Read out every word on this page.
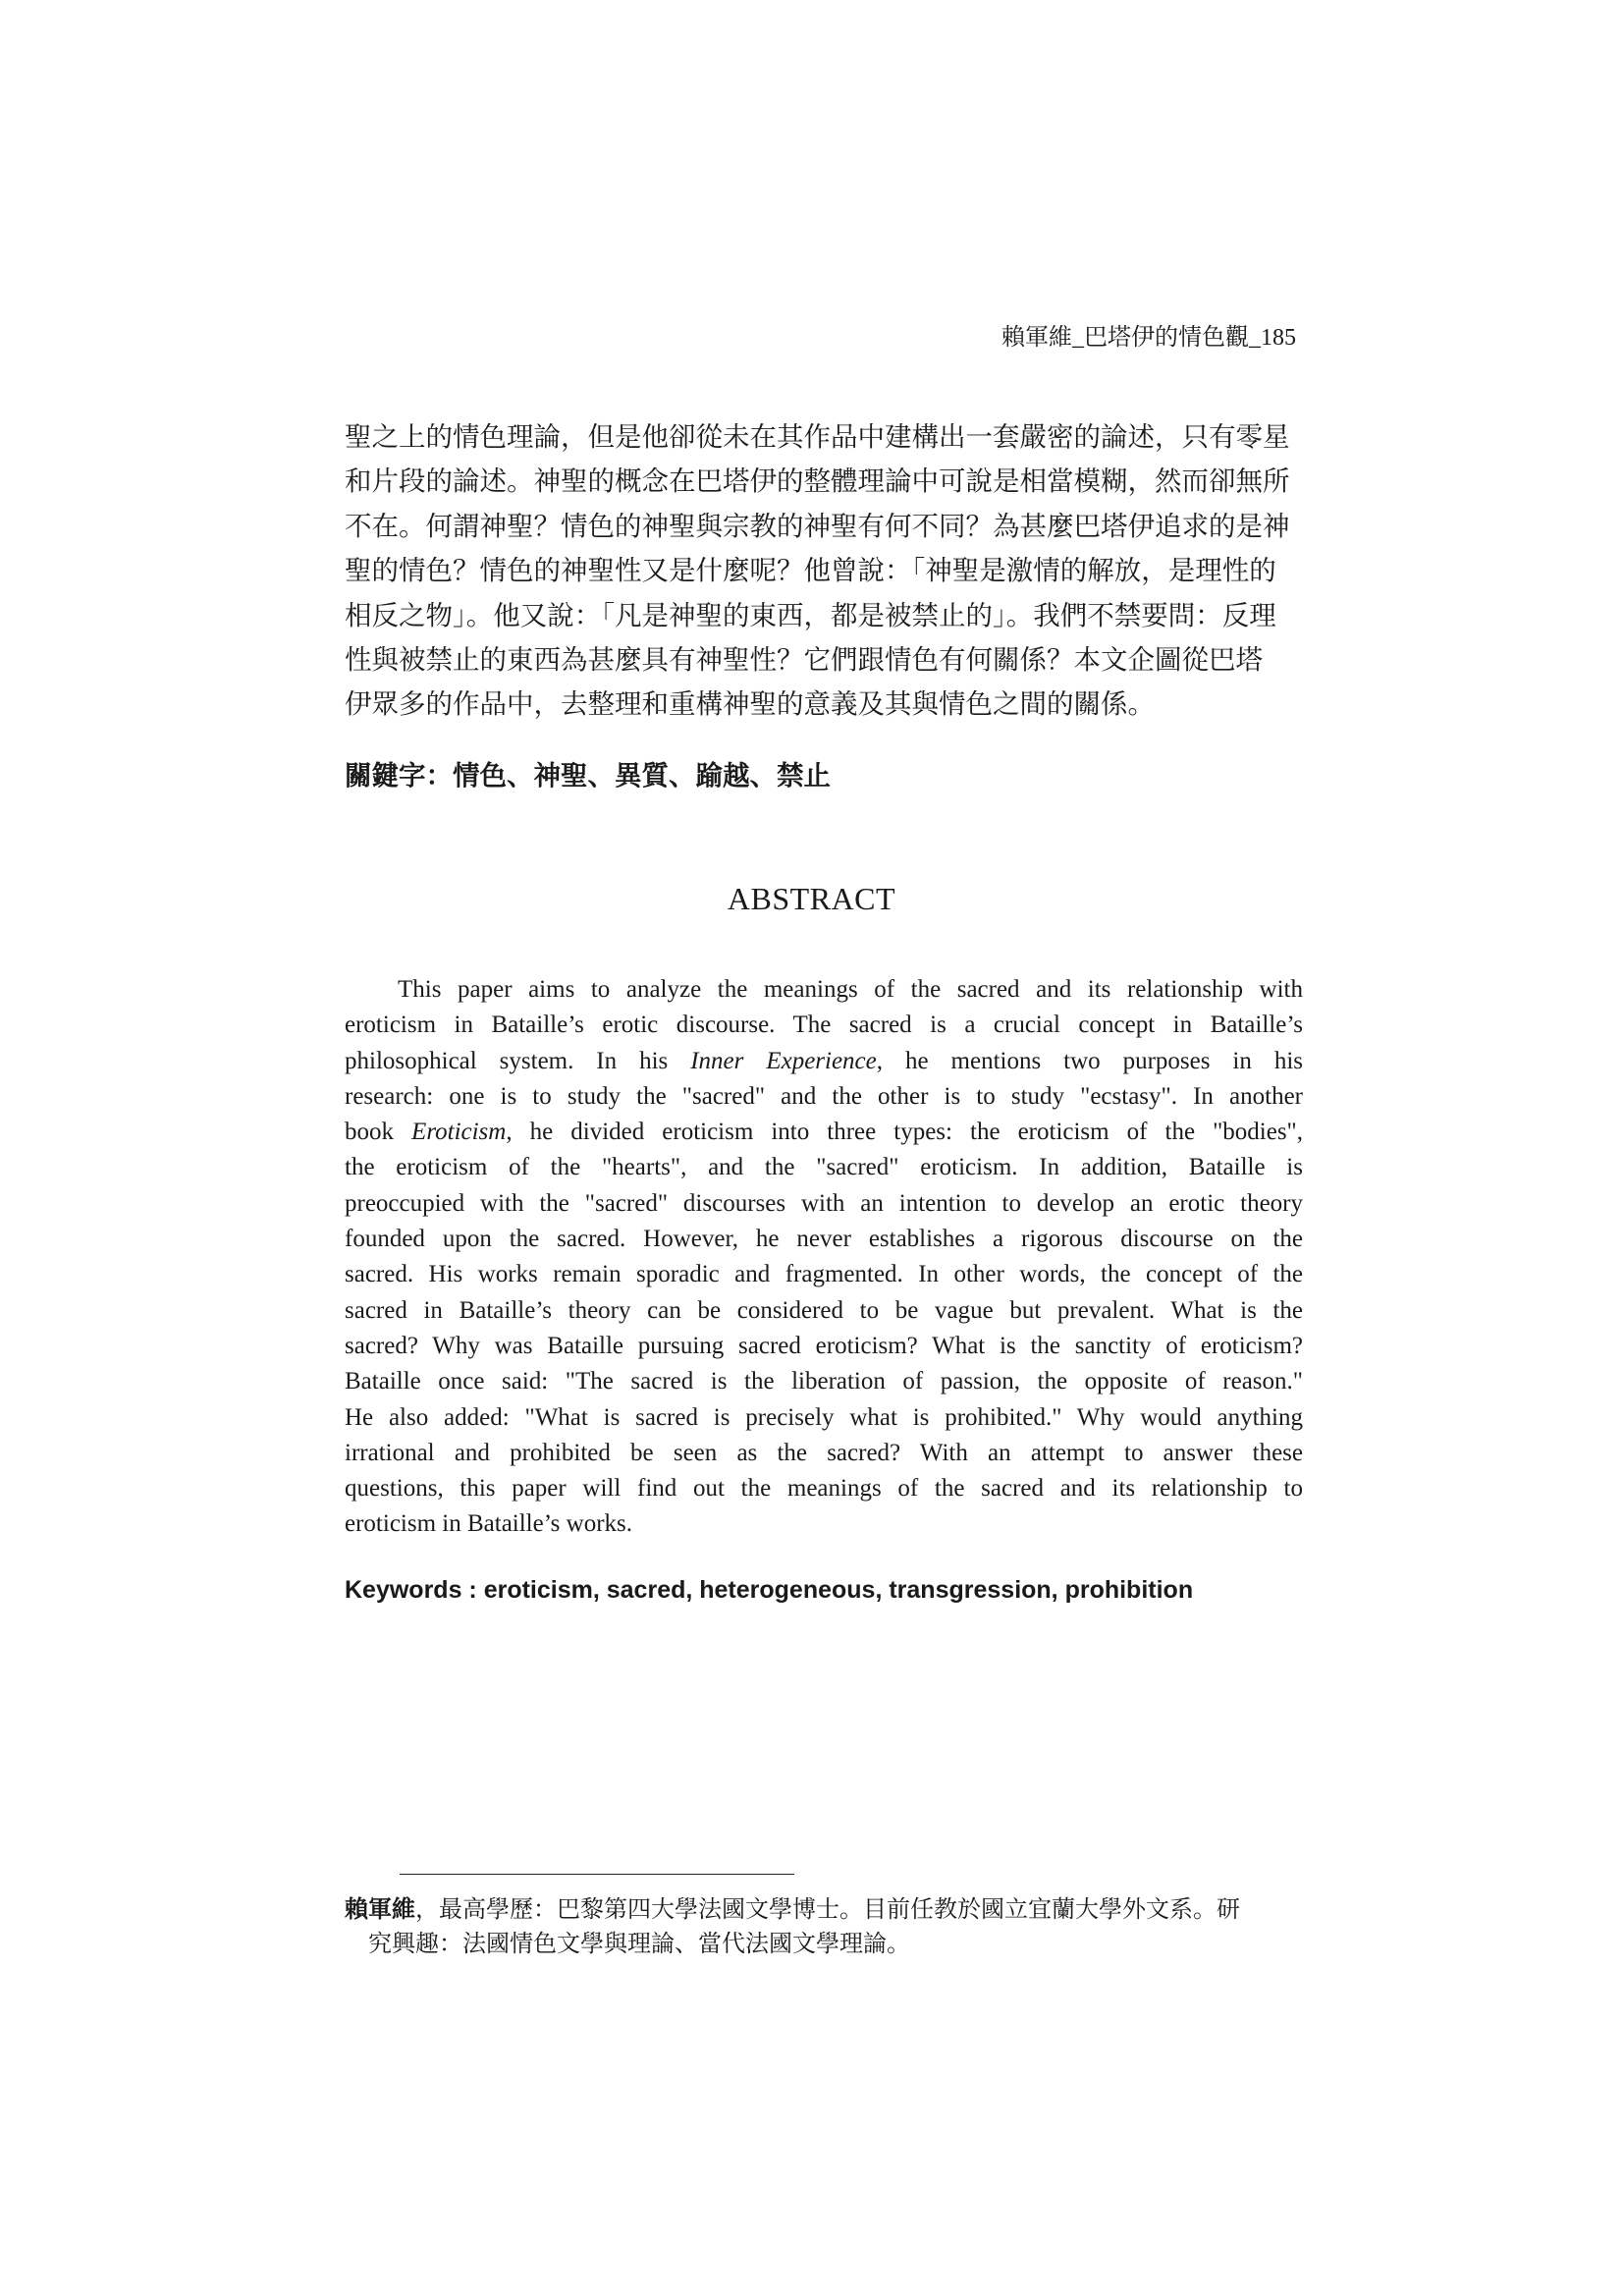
賴軍維_巴塔伊的情色觀_185

聖之上的情色理論，但是他卻從未在其作品中建構出一套嚴密的論述，只有零星
和片段的論述。神聖的概念在巴塔伊的整體理論中可說是相當模糊，然而卻無所
不在。何謂神聖？情色的神聖與宗教的神聖有何不同？為甚麼巴塔伊追求的是神
聖的情色？情色的神聖性又是什麼呢？他曾說：「神聖是激情的解放，是理性的
相反之物」。他又說：「凡是神聖的東西，都是被禁止的」。我們不禁要問：反理
性與被禁止的東西為甚麼具有神聖性？它們跟情色有何關係？本文企圖從巴塔
伊眾多的作品中，去整理和重構神聖的意義及其與情色之間的關係。

關鍵字：情色、神聖、異質、踰越、禁止
ABSTRACT

This paper aims to analyze the meanings of the sacred and its relationship with
eroticism in Bataille’s erotic discourse. The sacred is a crucial concept in Bataille’s
philosophical system. In his Inner Experience, he mentions two purposes in his
research: one is to study the "sacred" and the other is to study "ecstasy". In another
book Eroticism, he divided eroticism into three types: the eroticism of the "bodies",
the eroticism of the "hearts", and the "sacred" eroticism. In addition, Bataille is
preoccupied with the "sacred" discourses with an intention to develop an erotic theory
founded upon the sacred. However, he never establishes a rigorous discourse on the
sacred. His works remain sporadic and fragmented. In other words, the concept of the
sacred in Bataille’s theory can be considered to be vague but prevalent. What is the
sacred? Why was Bataille pursuing sacred eroticism? What is the sanctity of eroticism?
Bataille once said: "The sacred is the liberation of passion, the opposite of reason."
He also added: "What is sacred is precisely what is prohibited." Why would anything
irrational and prohibited be seen as the sacred? With an attempt to answer these
questions, this paper will find out the meanings of the sacred and its relationship to
eroticism in Bataille’s works.

Keywords : eroticism, sacred, heterogeneous, transgression, prohibition
賴軍維，最高學歷：巴黎第四大學法國文學博士。目前任教於國立宜蘭大學外文系。研
究興趣：法國情色文學與理論、當代法國文學理論。
